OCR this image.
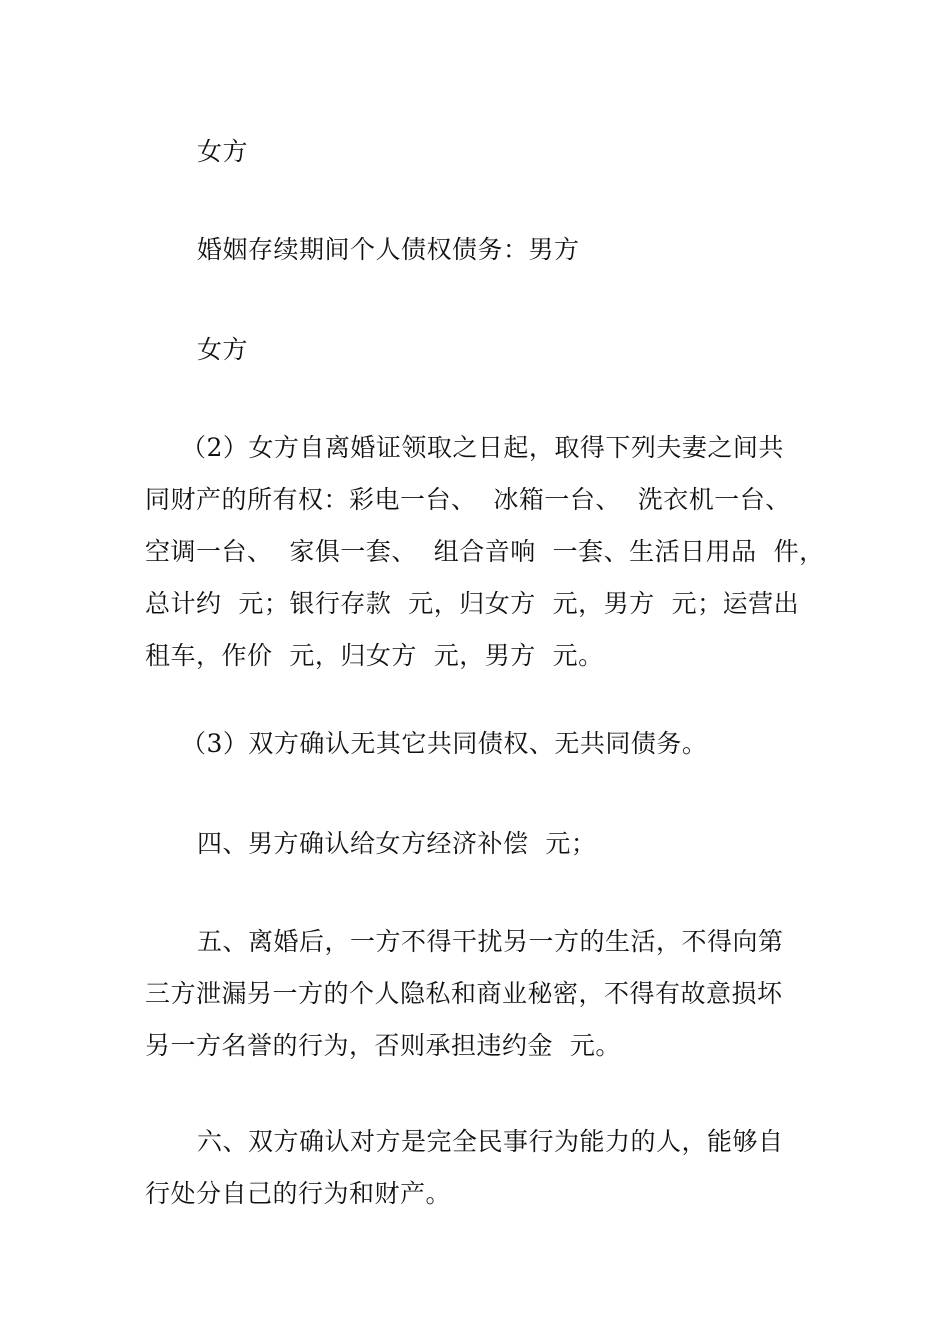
女方

婚姻存续期间个人债权债务：男方

女方

（2）女方自离婚证领取之日起，取得下列夫妻之间共
同财产的所有权：彩电一台、  冰箱一台、  洗衣机一台、
空调一台、  家俱一套、  组合音响  一套、生活日用品  件，
总计约  元；银行存款  元，归女方  元，男方  元；运营出
租车，作价  元，归女方  元，男方  元。

（3）双方确认无其它共同债权、无共同债务。

四、男方确认给女方经济补偿  元；

五、离婚后，一方不得干扰另一方的生活，不得向第
三方泄漏另一方的个人隐私和商业秘密，不得有故意损坏
另一方名誉的行为，否则承担违约金  元。

六、双方确认对方是完全民事行为能力的人，能够自
行处分自己的行为和财产。
